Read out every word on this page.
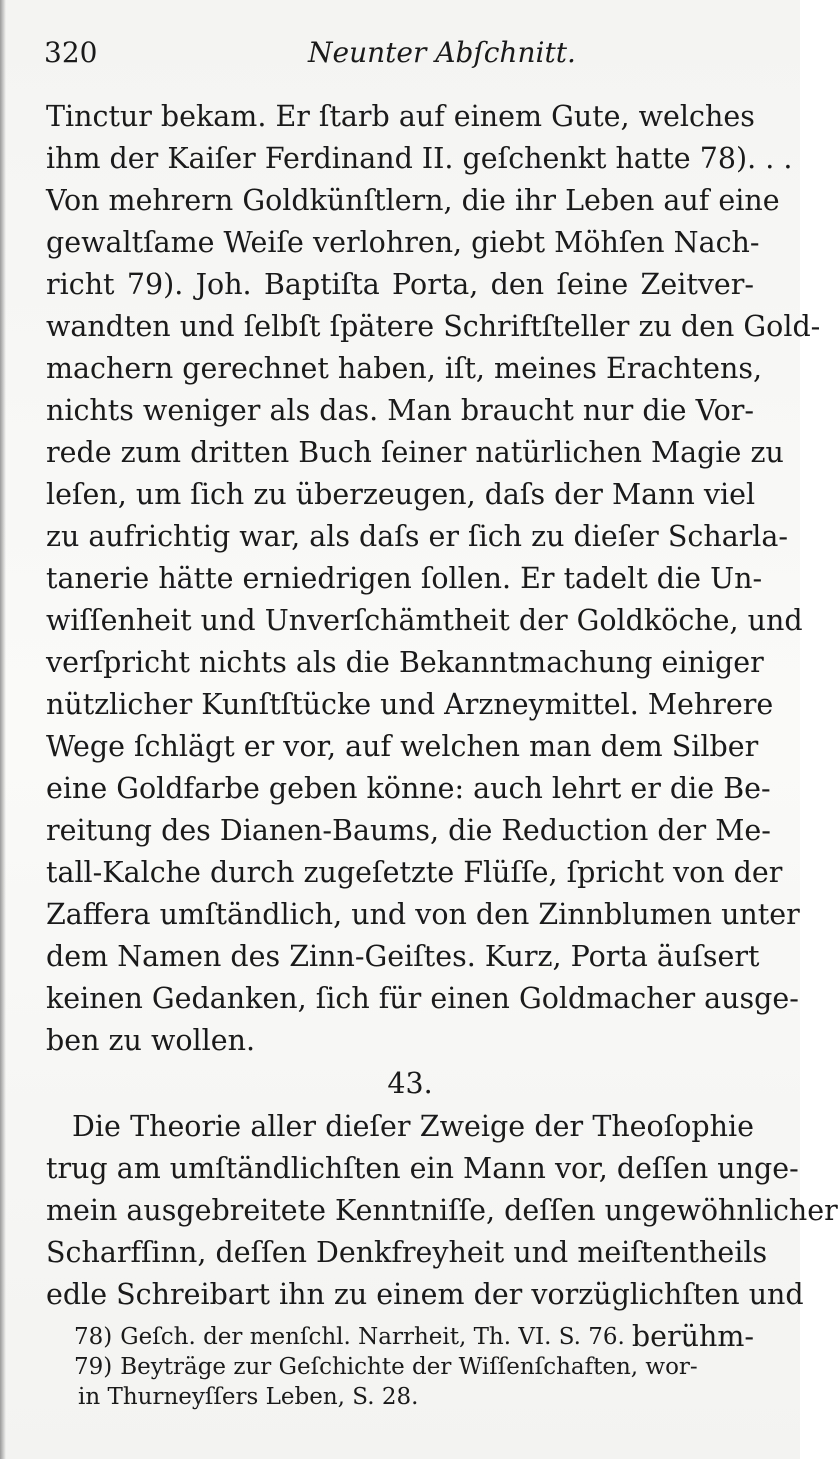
320	Neunter Abſchnitt.
Tinctur bekam. Er ſtarb auf einem Gute, welches
ihm der Kaiſer Ferdinand II. geſchenkt hatte 78). . .
Von mehrern Goldkünſtlern, die ihr Leben auf eine
gewaltſame Weiſe verlohren, giebt Möhſen Nach-
richt 79). Joh. Baptiſta Porta, den ſeine Zeitver-
wandten und ſelbſt ſpätere Schriftſteller zu den Gold-
machern gerechnet haben, iſt, meines Erachtens,
nichts weniger als das. Man braucht nur die Vor-
rede zum dritten Buch ſeiner natürlichen Magie zu
leſen, um ſich zu überzeugen, daſs der Mann viel
zu aufrichtig war, als daſs er ſich zu dieſer Scharla-
tanerie hätte erniedrigen ſollen. Er tadelt die Un-
wiſſenheit und Unverſchämtheit der Goldköche, und
verſpricht nichts als die Bekanntmachung einiger
nützlicher Kunſtſtücke und Arzneymittel. Mehrere
Wege ſchlägt er vor, auf welchen man dem Silber
eine Goldfarbe geben könne: auch lehrt er die Be-
reitung des Dianen-Baums, die Reduction der Me-
tall-Kalche durch zugeſetzte Flüſſe, ſpricht von der
Zaffera umſtändlich, und von den Zinnblumen unter
dem Namen des Zinn-Geiſtes. Kurz, Porta äuſsert
keinen Gedanken, ſich für einen Goldmacher ausge-
ben zu wollen.
43.
Die Theorie aller dieſer Zweige der Theoſophie
trug am umſtändlichſten ein Mann vor, deſſen unge-
mein ausgebreitete Kenntniſſe, deſſen ungewöhnlicher
Scharfſinn, deſſen Denkfreyheit und meiſtentheils
edle Schreibart ihn zu einem der vorzüglichſten und
berühm-
78) Geſch. der menſchl. Narrheit, Th. VI. S. 76.
79) Beyträge zur Geſchichte der Wiſſenſchaften, wor-
in Thurneyſſers Leben, S. 28.
